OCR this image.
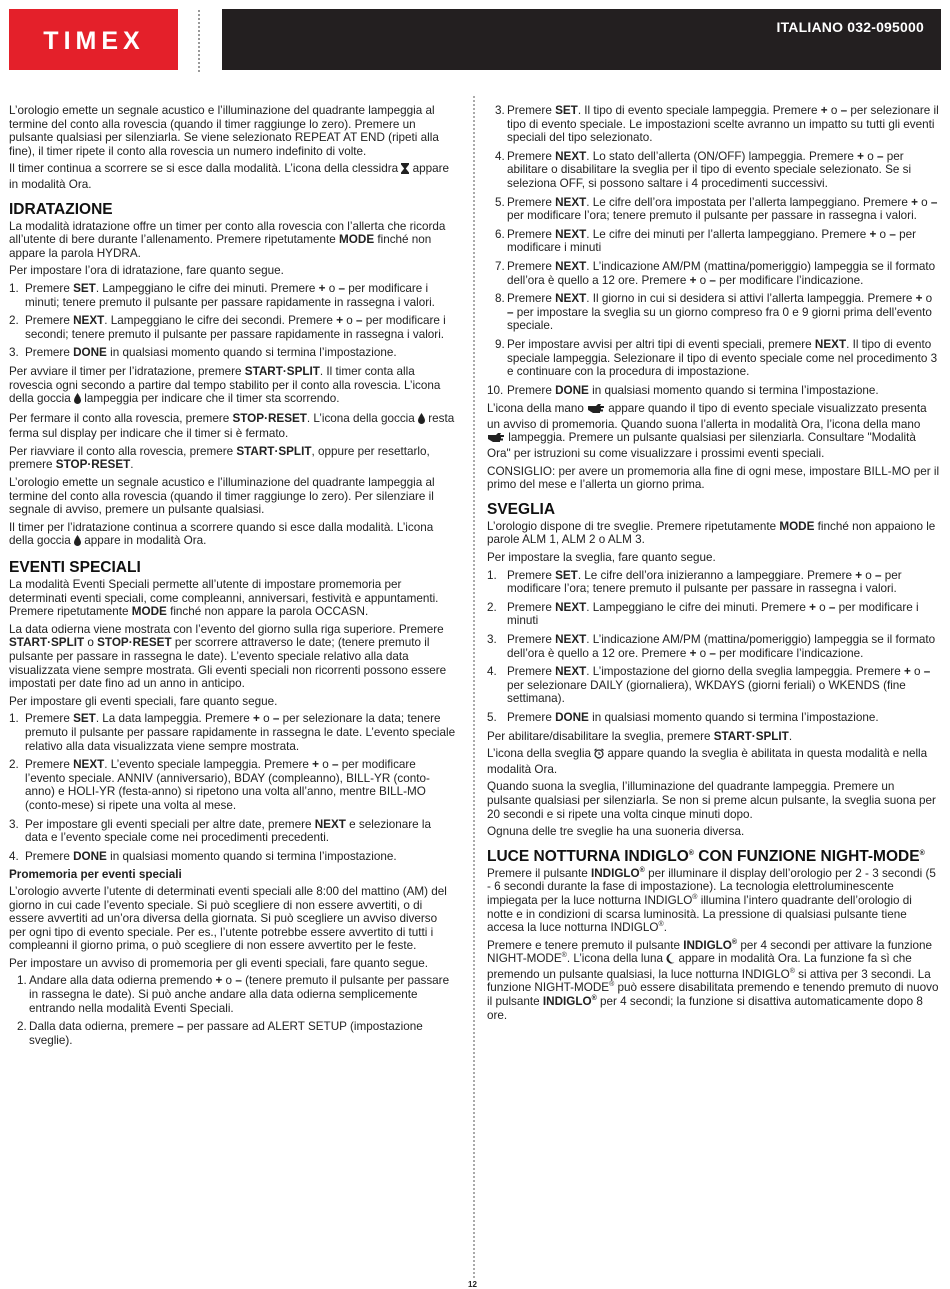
TIMEX	ITALIANO 032-095000

L’orologio emette un segnale acustico e l’illuminazione del quadrante lampeggia al termine del conto alla rovescia (quando il timer raggiunge lo zero). Premere un pulsante qualsiasi per silenziarla. Se viene selezionato REPEAT AT END (ripeti alla fine), il timer ripete il conto alla rovescia un numero indefinito di volte.

Il timer continua a scorrere se si esce dalla modalità. L’icona della clessidra  appare in modalità Ora.

IDRATAZIONE

La modalità idratazione offre un timer per conto alla rovescia con l’allerta che ricorda all’utente di bere durante l’allenamento. Premere ripetutamente MODE finché non appare la parola HYDRA.

Per impostare l’ora di idratazione, fare quanto segue.

1. Premere SET. Lampeggiano le cifre dei minuti. Premere + o – per modificare i minuti; tenere premuto il pulsante per passare rapidamente in rassegna i valori.
2. Premere NEXT. Lampeggiano le cifre dei secondi. Premere + o – per modificare i secondi; tenere premuto il pulsante per passare rapidamente in rassegna i valori.
3. Premere DONE in qualsiasi momento quando si termina l’impostazione.

Per avviare il timer per l’idratazione, premere START·SPLIT. Il timer conta alla rovescia ogni secondo a partire dal tempo stabilito per il conto alla rovescia. L’icona della goccia  lampeggia per indicare che il timer sta scorrendo.

Per fermare il conto alla rovescia, premere STOP·RESET. L’icona della goccia  resta ferma sul display per indicare che il timer si è fermato.

Per riavviare il conto alla rovescia, premere START·SPLIT, oppure per resettarlo, premere STOP·RESET.

L’orologio emette un segnale acustico e l’illuminazione del quadrante lampeggia al termine del conto alla rovescia (quando il timer raggiunge lo zero). Per silenziare il segnale di avviso, premere un pulsante qualsiasi.

Il timer per l’idratazione continua a scorrere quando si esce dalla modalità. L’icona della goccia  appare in modalità Ora.

EVENTI SPECIALI

La modalità Eventi Speciali permette all’utente di impostare promemoria per determinati eventi speciali, come compleanni, anniversari, festività e appuntamenti. Premere ripetutamente MODE finché non appare la parola OCCASN.

La data odierna viene mostrata con l’evento del giorno sulla riga superiore. Premere START·SPLIT o STOP·RESET per scorrere attraverso le date; (tenere premuto il pulsante per passare in rassegna le date). L’evento speciale relativo alla data visualizzata viene sempre mostrata. Gli eventi speciali non ricorrenti possono essere impostati per date fino ad un anno in anticipo.

Per impostare gli eventi speciali, fare quanto segue.

1. Premere SET. La data lampeggia. Premere + o – per selezionare la data; tenere premuto il pulsante per passare rapidamente in rassegna le date. L’evento speciale relativo alla data visualizzata viene sempre mostrata.
2. Premere NEXT. L’evento speciale lampeggia. Premere + o – per modificare l’evento speciale. ANNIV (anniversario), BDAY (compleanno), BILL-YR (conto-anno) e HOLI-YR (festa-anno) si ripetono una volta all’anno, mentre BILL-MO (conto-mese) si ripete una volta al mese.
3. Per impostare gli eventi speciali per altre date, premere NEXT e selezionare la data e l’evento speciale come nei procedimenti precedenti.
4. Premere DONE in qualsiasi momento quando si termina l’impostazione.
Promemoria per eventi speciali

L’orologio avverte l’utente di determinati eventi speciali alle 8:00 del mattino (AM) del giorno in cui cade l’evento speciale. Si può scegliere di non essere avvertiti, o di essere avvertiti ad un’ora diversa della giornata. Si può scegliere un avviso diverso per ogni tipo di evento speciale. Per es., l’utente potrebbe essere avvertito di tutti i compleanni il giorno prima, o può scegliere di non essere avvertito per le feste.

Per impostare un avviso di promemoria per gli eventi speciali, fare quanto segue.

1. Andare alla data odierna premendo + o – (tenere premuto il pulsante per passare in rassegna le date). Si può anche andare alla data odierna semplicemente entrando nella modalità Eventi Speciali.
2. Dalla data odierna, premere – per passare ad ALERT SETUP (impostazione sveglie).
3. Premere SET. Il tipo di evento speciale lampeggia. Premere + o – per selezionare il tipo di evento speciale. Le impostazioni scelte avranno un impatto su tutti gli eventi speciali del tipo selezionato.
4. Premere NEXT. Lo stato dell’allerta (ON/OFF) lampeggia. Premere + o – per abilitare o disabilitare la sveglia per il tipo di evento speciale selezionato. Se si seleziona OFF, si possono saltare i 4 procedimenti successivi.
5. Premere NEXT. Le cifre dell’ora impostata per l’allerta lampeggiano. Premere + o – per modificare l’ora; tenere premuto il pulsante per passare in rassegna i valori.
6. Premere NEXT. Le cifre dei minuti per l’allerta lampeggiano. Premere + o – per modificare i minuti
7. Premere NEXT. L’indicazione AM/PM (mattina/pomeriggio) lampeggia se il formato dell’ora è quello a 12 ore. Premere + o – per modificare l’indicazione.
8. Premere NEXT. Il giorno in cui si desidera si attivi l’allerta lampeggia. Premere + o – per impostare la sveglia su un giorno compreso fra 0 e 9 giorni prima dell’evento speciale.
9. Per impostare avvisi per altri tipi di eventi speciali, premere NEXT. Il tipo di evento speciale lampeggia. Selezionare il tipo di evento speciale come nel procedimento 3 e continuare con la procedura di impostazione.
10. Premere DONE in qualsiasi momento quando si termina l’impostazione.

L’icona della mano  appare quando il tipo di evento speciale visualizzato presenta un avviso di promemoria. Quando suona l’allerta in modalità Ora, l’icona della mano  lampeggia. Premere un pulsante qualsiasi per silenziarla. Consultare "Modalità Ora" per istruzioni su come visualizzare i prossimi eventi speciali.

CONSIGLIO: per avere un promemoria alla fine di ogni mese, impostare BILL-MO per il primo del mese e l’allerta un giorno prima.

SVEGLIA

L’orologio dispone di tre sveglie. Premere ripetutamente MODE finché non appaiono le parole ALM 1, ALM 2 o ALM 3.

Per impostare la sveglia, fare quanto segue.

1. Premere SET. Le cifre dell’ora inizieranno a lampeggiare. Premere + o – per modificare l’ora; tenere premuto il pulsante per passare in rassegna i valori.
2. Premere NEXT. Lampeggiano le cifre dei minuti. Premere + o – per modificare i minuti
3. Premere NEXT. L’indicazione AM/PM (mattina/pomeriggio) lampeggia se il formato dell’ora è quello a 12 ore. Premere + o – per modificare l’indicazione.
4. Premere NEXT. L’impostazione del giorno della sveglia lampeggia. Premere + o – per selezionare DAILY (giornaliera), WKDAYS (giorni feriali) o WKENDS (fine settimana).
5. Premere DONE in qualsiasi momento quando si termina l’impostazione.

Per abilitare/disabilitare la sveglia, premere START·SPLIT.

L’icona della sveglia  appare quando la sveglia è abilitata in questa modalità e nella modalità Ora.

Quando suona la sveglia, l’illuminazione del quadrante lampeggia. Premere un pulsante qualsiasi per silenziarla. Se non si preme alcun pulsante, la sveglia suona per 20 secondi e si ripete una volta cinque minuti dopo.

Ognuna delle tre sveglie ha una suoneria diversa.

LUCE NOTTURNA INDIGLO® CON FUNZIONE NIGHT-MODE®

Premere il pulsante INDIGLO® per illuminare il display dell’orologio per 2 - 3 secondi (5 - 6 secondi durante la fase di impostazione). La tecnologia elettroluminescente impiegata per la luce notturna INDIGLO® illumina l’intero quadrante dell’orologio di notte e in condizioni di scarsa luminosità. La pressione di qualsiasi pulsante tiene accesa la luce notturna INDIGLO®.

Premere e tenere premuto il pulsante INDIGLO® per 4 secondi per attivare la funzione NIGHT-MODE®. L’icona della luna  appare in modalità Ora. La funzione fa sì che premendo un pulsante qualsiasi, la luce notturna INDIGLO® si attiva per 3 secondi. La funzione NIGHT-MODE® può essere disabilitata premendo e tenendo premuto di nuovo il pulsante INDIGLO® per 4 secondi; la funzione si disattiva automaticamente dopo 8 ore.

12
